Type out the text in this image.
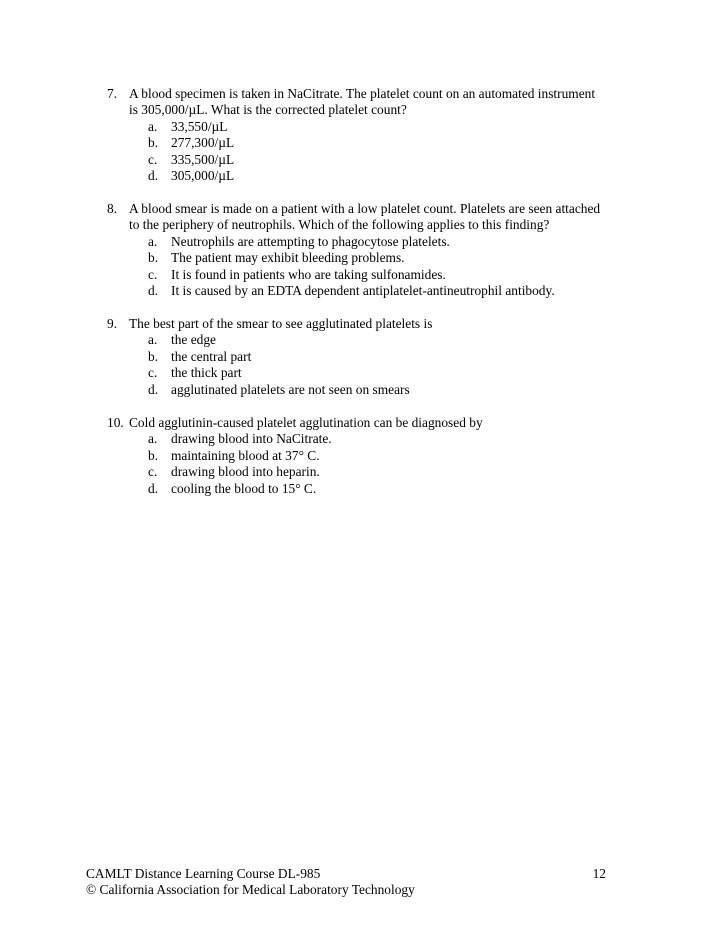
7. A blood specimen is taken in NaCitrate. The platelet count on an automated instrument
is 305,000/µL. What is the corrected platelet count?
a.	33,550/µL
b. 277,300/µL
c.	335,500/µL
d. 305,000/µL
8. A blood smear is made on a patient with a low platelet count. Platelets are seen attached
to the periphery of neutrophils. Which of the following applies to this finding?
a.	Neutrophils are attempting to phagocytose platelets.
b. The patient may exhibit bleeding problems.
c.	It is found in patients who are taking sulfonamides.
d. It is caused by an EDTA dependent antiplatelet-antineutrophil antibody.
9. The best part of the smear to see agglutinated platelets is
a.	the edge
b. the central part
c.	the thick part
d. agglutinated platelets are not seen on smears
10. Cold agglutinin-caused platelet agglutination can be diagnosed by
a.	drawing blood into NaCitrate.
b. maintaining blood at 37° C.
c.	drawing blood into heparin.
d. cooling the blood to 15° C.
CAMLT Distance Learning Course DL-985	12
© California Association for Medical Laboratory Technology
